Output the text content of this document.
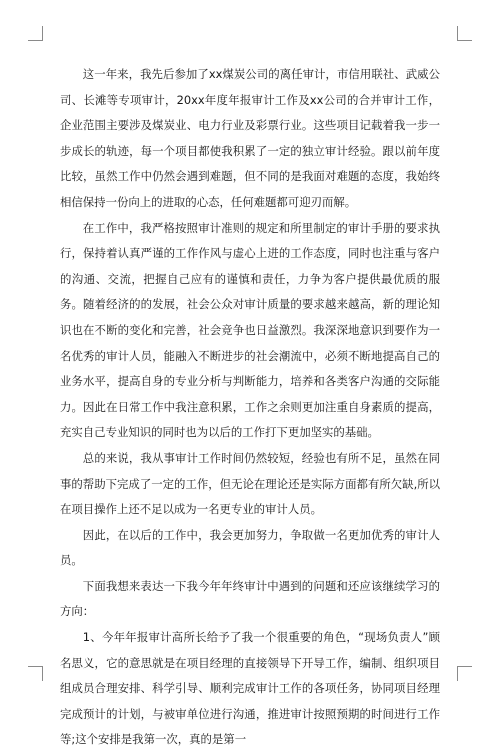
这一年来，我先后参加了xx煤炭公司的离任审计，市信用联社、武威公司、长滩等专项审计，20xx年度年报审计工作及xx公司的合并审计工作，企业范围主要涉及煤炭业、电力行业及彩票行业。这些项目记载着我一步一步成长的轨迹，每一个项目都使我积累了一定的独立审计经验。跟以前年度比较，虽然工作中仍然会遇到难题，但不同的是我面对难题的态度，我始终相信保持一份向上的进取的心态，任何难题都可迎刃而解。

在工作中，我严格按照审计准则的规定和所里制定的审计手册的要求执行，保持着认真严谨的工作作风与虚心上进的工作态度，同时也注重与客户的沟通、交流，把握自己应有的谨慎和责任，力争为客户提供最优质的服务。随着经济的的发展，社会公众对审计质量的要求越来越高，新的理论知识也在不断的变化和完善，社会竞争也日益激烈。我深深地意识到要作为一名优秀的审计人员，能融入不断进步的社会潮流中，必须不断地提高自己的业务水平，提高自身的专业分析与判断能力，培养和各类客户沟通的交际能力。因此在日常工作中我注意积累，工作之余则更加注重自身素质的提高，充实自己专业知识的同时也为以后的工作打下更加坚实的基础。

总的来说，我从事审计工作时间仍然较短，经验也有所不足，虽然在同事的帮助下完成了一定的工作，但无论在理论还是实际方面都有所欠缺,所以在项目操作上还不足以成为一名更专业的审计人员。

因此，在以后的工作中，我会更加努力，争取做一名更加优秀的审计人员。

下面我想来表达一下我今年年终审计中遇到的问题和还应该继续学习的方向：

1、今年年报审计高所长给予了我一个很重要的角色，“现场负责人”顾名思义，它的意思就是在项目经理的直接领导下开导工作，编制、组织项目组成员合理安排、科学引导、顺利完成审计工作的各项任务，协同项目经理完成预计的计划，与被审单位进行沟通，推进审计按照预期的时间进行工作等;这个安排是我第一次，真的是第一
